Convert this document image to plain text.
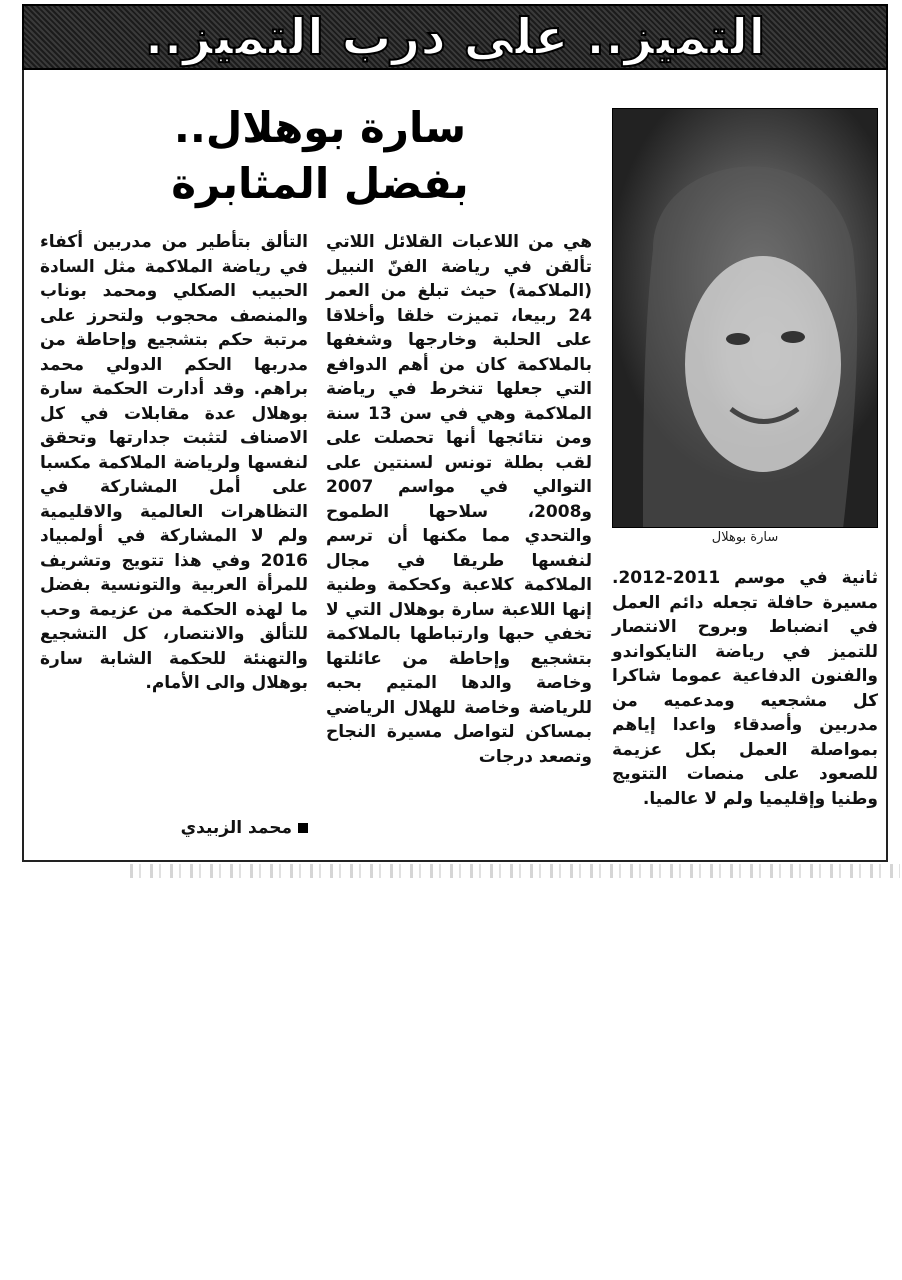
التميز.. على درب التميز..
سارة بوهلال..
بفضل المثابرة
سارة بوهلال
هي من اللاعبات القلائل اللاتي تألقن في رياضة الفنّ النبيل (الملاكمة) حيث تبلغ من العمر 24 ربيعا، تميزت خلقا وأخلاقا على الحلبة وخارجها وشغفها بالملاكمة كان من أهم الدوافع التي جعلها تنخرط في رياضة الملاكمة وهي في سن 13 سنة ومن نتائجها أنها تحصلت على لقب بطلة تونس لسنتين على التوالي في مواسم 2007 و2008، سلاحها الطموح والتحدي مما مكنها أن ترسم لنفسها طريقا في مجال الملاكمة كلاعبة وكحكمة وطنية إنها اللاعبة سارة بوهلال التي لا تخفي حبها وارتباطها بالملاكمة بتشجيع وإحاطة من عائلتها وخاصة والدها المتيم بحبه للرياضة وخاصة للهلال الرياضي بمساكن لتواصل مسيرة النجاح وتصعد درجات
التألق بتأطير من مدربين أكفاء في رياضة الملاكمة مثل السادة الحبيب الصكلي ومحمد بوناب والمنصف محجوب ولتحرز على مرتبة حكم بتشجيع وإحاطة من مدربها الحكم الدولي محمد براهم. وقد أدارت الحكمة سارة بوهلال عدة مقابلات في كل الاصناف لتثبت جدارتها وتحقق لنفسها ولرياضة الملاكمة مكسبا على أمل المشاركة في التظاهرات العالمية والاقليمية ولم لا المشاركة في أولمبياد 2016 وفي هذا تتويج وتشريف للمرأة العربية والتونسية بفضل ما لهذه الحكمة من عزيمة وحب للتألق والانتصار، كل التشجيع والتهنئة للحكمة الشابة سارة بوهلال والى الأمام.
ثانية في موسم 2011-2012. مسيرة حافلة تجعله دائم العمل في انضباط وبروح الانتصار للتميز في رياضة التايكواندو والفنون الدفاعية عموما شاكرا كل مشجعيه ومدعميه من مدربين وأصدقاء واعدا إياهم بمواصلة العمل بكل عزيمة للصعود على منصات التتويج وطنيا وإقليميا ولم لا عالميا.
محمد الزبيدي
